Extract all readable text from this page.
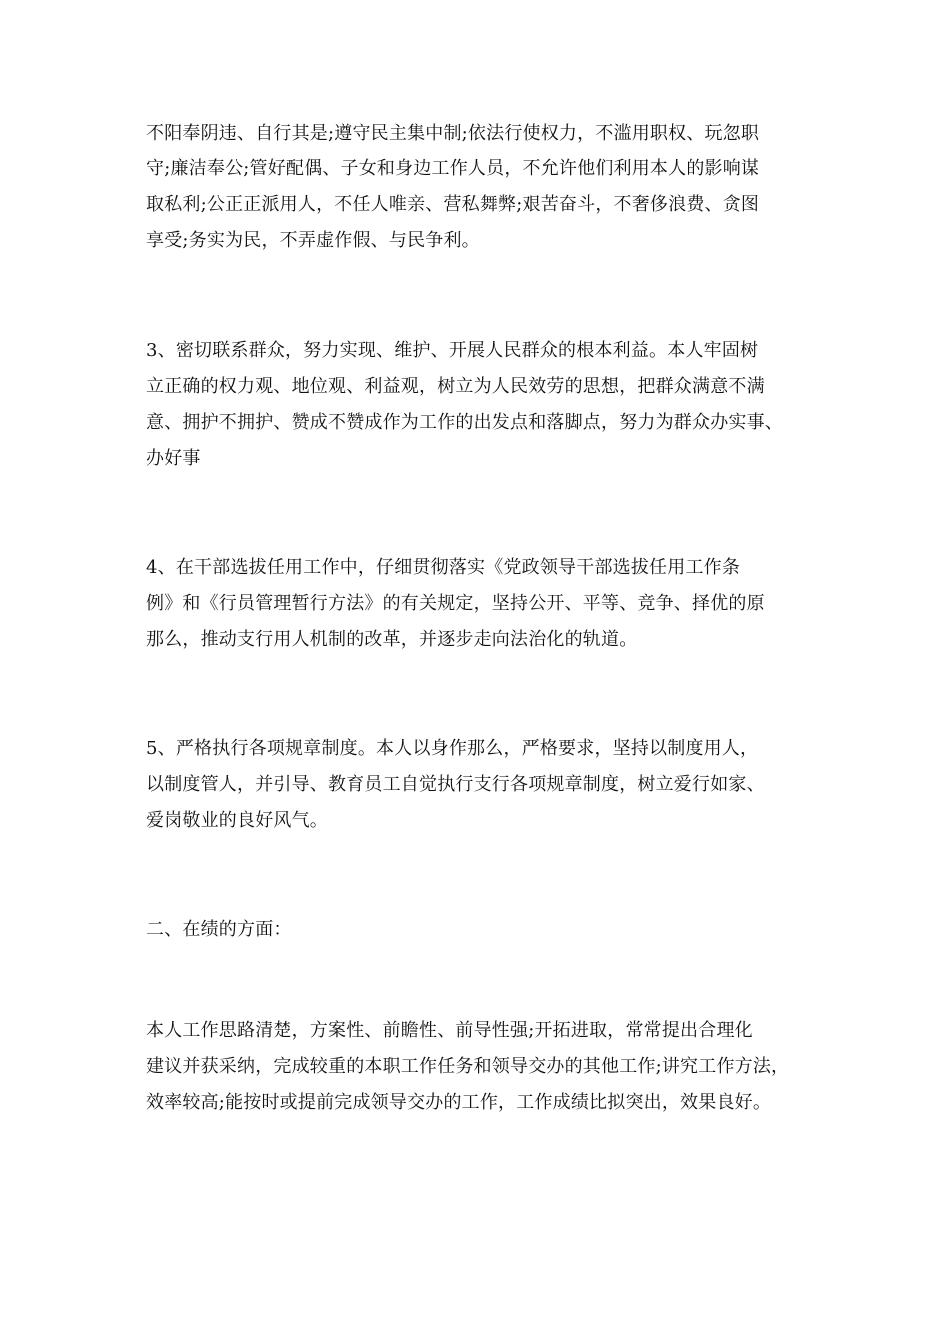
不阳奉阴违、自行其是;遵守民主集中制;依法行使权力，不滥用职权、玩忽职
守;廉洁奉公;管好配偶、子女和身边工作人员，不允许他们利用本人的影响谋
取私利;公正正派用人，不任人唯亲、营私舞弊;艰苦奋斗，不奢侈浪费、贪图
享受;务实为民，不弄虚作假、与民争利。
3、密切联系群众，努力实现、维护、开展人民群众的根本利益。本人牢固树
立正确的权力观、地位观、利益观，树立为人民效劳的思想，把群众满意不满
意、拥护不拥护、赞成不赞成作为工作的出发点和落脚点，努力为群众办实事、
办好事
4、在干部选拔任用工作中，仔细贯彻落实《党政领导干部选拔任用工作条
例》和《行员管理暂行方法》的有关规定，坚持公开、平等、竞争、择优的原
那么，推动支行用人机制的改革，并逐步走向法治化的轨道。
5、严格执行各项规章制度。本人以身作那么，严格要求，坚持以制度用人，
以制度管人，并引导、教育员工自觉执行支行各项规章制度，树立爱行如家、
爱岗敬业的良好风气。
二、在绩的方面：
本人工作思路清楚，方案性、前瞻性、前导性强;开拓进取，常常提出合理化
建议并获采纳，完成较重的本职工作任务和领导交办的其他工作;讲究工作方法，
效率较高;能按时或提前完成领导交办的工作，工作成绩比拟突出，效果良好。
